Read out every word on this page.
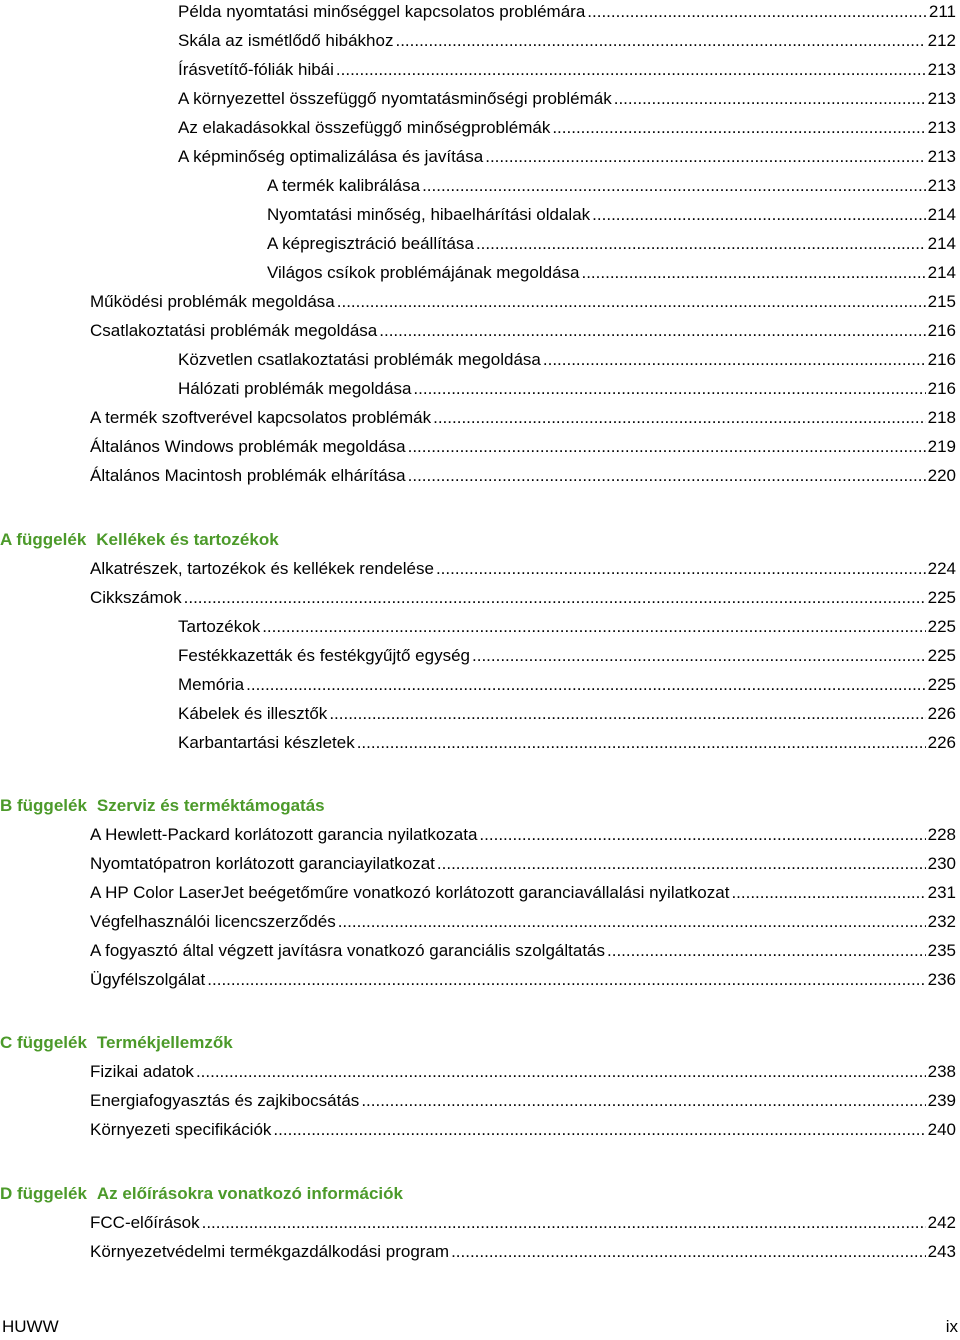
Példa nyomtatási minőséggel kapcsolatos problémára .....	211
Skála az ismétlődő hibákhoz .....	212
Írásvetítő-fóliák hibái .....	213
A környezettel összefüggő nyomtatásminőségi problémák .....	213
Az elakadásokkal összefüggő minőségproblémák .....	213
A képminőség optimalizálása és javítása .....	213
A termék kalibrálása .....	213
Nyomtatási minőség, hibaelhárítási oldalak .....	214
A képregisztráció beállítása .....	214
Világos csíkok problémájának megoldása .....	214
Működési problémák megoldása .....	215
Csatlakoztatási problémák megoldása .....	216
Közvetlen csatlakoztatási problémák megoldása .....	216
Hálózati problémák megoldása .....	216
A termék szoftverével kapcsolatos problémák .....	218
Általános Windows problémák megoldása .....	219
Általános Macintosh problémák elhárítása .....	220
A függelék Kellékek és tartozékok
Alkatrészek, tartozékok és kellékek rendelése .....	224
Cikkszámok .....	225
Tartozékok .....	225
Festékkazetták és festékgyűjtő egység .....	225
Memória .....	225
Kábelek és illesztők .....	226
Karbantartási készletek .....	226
B függelék Szerviz és terméktámogatás
A Hewlett-Packard korlátozott garancia nyilatkozata .....	228
Nyomtatópatron korlátozott garanciayilatkozat .....	230
A HP Color LaserJet beégetőműre vonatkozó korlátozott garanciavállalási nyilatkozat .....	231
Végfelhasználói licencszerződés .....	232
A fogyasztó által végzett javításra vonatkozó garanciális szolgáltatás .....	235
Ügyfélszolgálat .....	236
C függelék Termékjellemzők
Fizikai adatok .....	238
Energiafogyasztás és zajkibocsátás .....	239
Környezeti specifikációk .....	240
D függelék Az előírásokra vonatkozó információk
FCC-előírások .....	242
Környezetvédelmi termékgazdálkodási program .....	243
HUWW	ix
